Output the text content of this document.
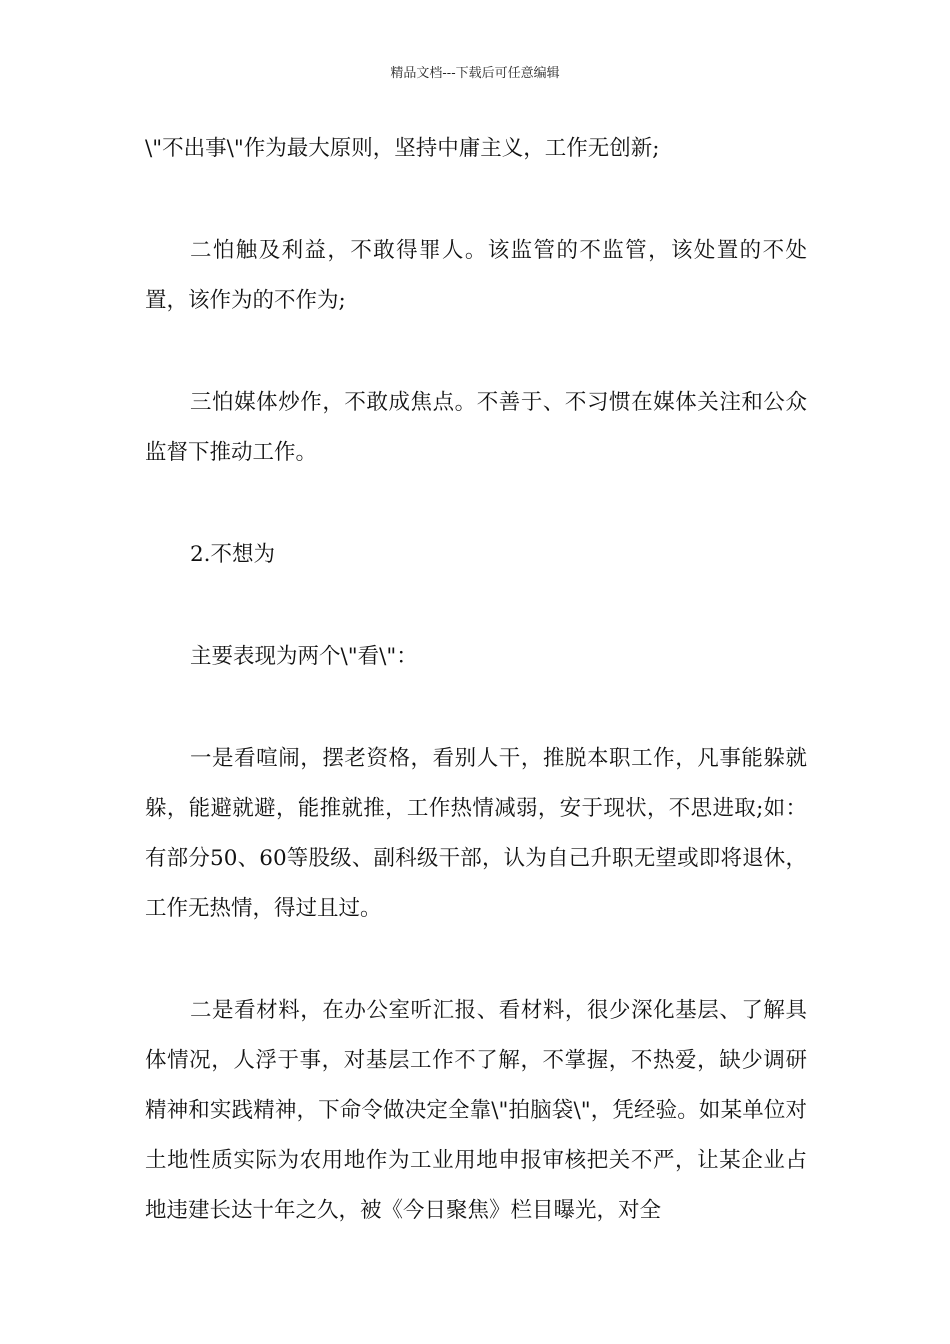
精品文档---下载后可任意编辑

\"不出事\"作为最大原则，坚持中庸主义，工作无创新;

二怕触及利益，不敢得罪人。该监管的不监管，该处置的不处置，该作为的不作为;

三怕媒体炒作，不敢成焦点。不善于、不习惯在媒体关注和公众监督下推动工作。

2.不想为

主要表现为两个\"看\"：

一是看喧闹，摆老资格，看别人干，推脱本职工作，凡事能躲就躲，能避就避，能推就推，工作热情减弱，安于现状，不思进取;如：有部分50、60等股级、副科级干部，认为自己升职无望或即将退休，工作无热情，得过且过。

二是看材料，在办公室听汇报、看材料，很少深化基层、了解具体情况，人浮于事，对基层工作不了解，不掌握，不热爱，缺少调研精神和实践精神，下命令做决定全靠\"拍脑袋\"，凭经验。如某单位对土地性质实际为农用地作为工业用地申报审核把关不严，让某企业占地违建长达十年之久，被《今日聚焦》栏目曝光，对全
